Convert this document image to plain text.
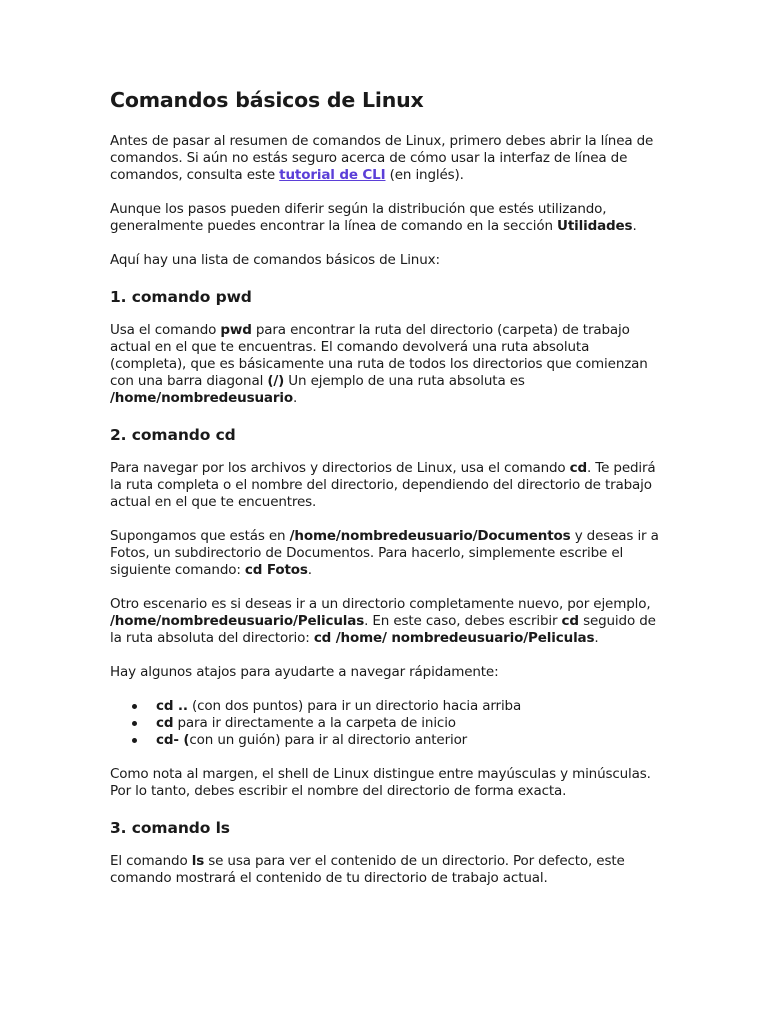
Comandos básicos de Linux

Antes de pasar al resumen de comandos de Linux, primero debes abrir la línea de comandos. Si aún no estás seguro acerca de cómo usar la interfaz de línea de comandos, consulta este tutorial de CLI (en inglés).

Aunque los pasos pueden diferir según la distribución que estés utilizando, generalmente puedes encontrar la línea de comando en la sección Utilidades.

Aquí hay una lista de comandos básicos de Linux:

1. comando pwd

Usa el comando pwd para encontrar la ruta del directorio (carpeta) de trabajo actual en el que te encuentras. El comando devolverá una ruta absoluta (completa), que es básicamente una ruta de todos los directorios que comienzan con una barra diagonal (/) Un ejemplo de una ruta absoluta es /home/nombredeusuario.

2. comando cd

Para navegar por los archivos y directorios de Linux, usa el comando cd. Te pedirá la ruta completa o el nombre del directorio, dependiendo del directorio de trabajo actual en el que te encuentres.

Supongamos que estás en /home/nombredeusuario/Documentos y deseas ir a Fotos, un subdirectorio de Documentos. Para hacerlo, simplemente escribe el siguiente comando: cd Fotos.

Otro escenario es si deseas ir a un directorio completamente nuevo, por ejemplo, /home/nombredeusuario/Peliculas. En este caso, debes escribir cd seguido de la ruta absoluta del directorio: cd /home/ nombredeusuario/Peliculas.

Hay algunos atajos para ayudarte a navegar rápidamente:

cd .. (con dos puntos) para ir un directorio hacia arriba
cd para ir directamente a la carpeta de inicio
cd- (con un guión) para ir al directorio anterior

Como nota al margen, el shell de Linux distingue entre mayúsculas y minúsculas. Por lo tanto, debes escribir el nombre del directorio de forma exacta.

3. comando ls

El comando ls se usa para ver el contenido de un directorio. Por defecto, este comando mostrará el contenido de tu directorio de trabajo actual.
